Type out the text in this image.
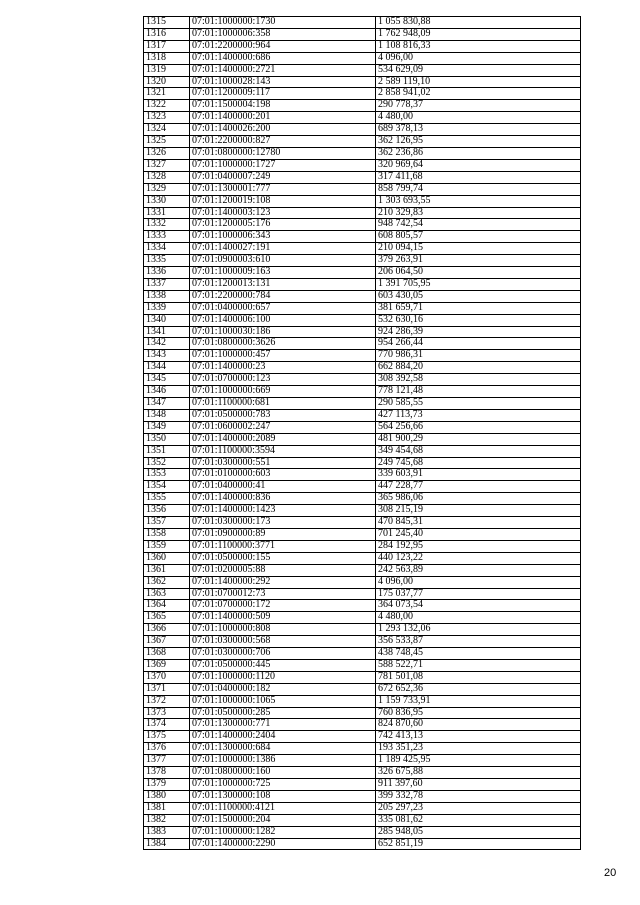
1315	07:01:1000000:1730	1 055 830,88
1316	07:01:1000006:358	1 762 948,09
1317	07:01:2200000:964	1 108 816,33
1318	07:01:1400000:686	4 096,00
1319	07:01:1400000:2721	534 629,09
1320	07:01:1000028:143	2 589 119,10
1321	07:01:1200009:117	2 858 941,02
1322	07:01:1500004:198	290 778,37
1323	07:01:1400000:201	4 480,00
1324	07:01:1400026:200	689 378,13
1325	07:01:2200000:827	362 126,95
1326	07:01:0800000:12780	362 236,86
1327	07:01:1000000:1727	320 969,64
1328	07:01:0400007:249	317 411,68
1329	07:01:1300001:777	858 799,74
1330	07:01:1200019:108	1 303 693,55
1331	07:01:1400003:123	210 329,83
1332	07:01:1200005:176	948 742,54
1333	07:01:1000006:343	608 805,57
1334	07:01:1400027:191	210 094,15
1335	07:01:0900003:610	379 263,91
1336	07:01:1000009:163	206 064,50
1337	07:01:1200013:131	1 391 705,95
1338	07:01:2200000:784	603 430,05
1339	07:01:0400000:657	381 659,71
1340	07:01:1400006:100	532 630,16
1341	07:01:1000030:186	924 286,39
1342	07:01:0800000:3626	954 266,44
1343	07:01:1000000:457	770 986,31
1344	07:01:1400000:23	662 884,20
1345	07:01:0700000:123	308 392,58
1346	07:01:1000000:669	778 121,48
1347	07:01:1100000:681	290 585,55
1348	07:01:0500000:783	427 113,73
1349	07:01:0600002:247	564 256,66
1350	07:01:1400000:2089	481 900,29
1351	07:01:1100000:3594	349 454,68
1352	07:01:0300000:551	249 745,68
1353	07:01:0100000:603	339 603,91
1354	07:01:0400000:41	447 228,77
1355	07:01:1400000:836	365 986,06
1356	07:01:1400000:1423	308 215,19
1357	07:01:0300000:173	470 845,31
1358	07:01:0900000:89	701 245,40
1359	07:01:1100000:3771	284 192,95
1360	07:01:0500000:155	440 123,22
1361	07:01:0200005:88	242 563,89
1362	07:01:1400000:292	4 096,00
1363	07:01:0700012:73	175 037,77
1364	07:01:0700000:172	364 073,54
1365	07:01:1400000:509	4 480,00
1366	07:01:1000000:808	1 293 132,06
1367	07:01:0300000:568	356 533,87
1368	07:01:0300000:706	438 748,45
1369	07:01:0500000:445	588 522,71
1370	07:01:1000000:1120	781 501,08
1371	07:01:0400000:182	672 652,36
1372	07:01:1000000:1065	1 159 733,91
1373	07:01:0500000:285	760 836,95
1374	07:01:1300000:771	824 870,60
1375	07:01:1400000:2404	742 413,13
1376	07:01:1300000:684	193 351,23
1377	07:01:1000000:1386	1 189 425,95
1378	07:01:0800000:160	326 675,88
1379	07:01:1000000:725	911 397,60
1380	07:01:1300000:108	399 332,78
1381	07:01:1100000:4121	205 297,23
1382	07:01:1500000:204	335 081,62
1383	07:01:1000000:1282	285 948,05
1384	07:01:1400000:2290	652 851,19
20
